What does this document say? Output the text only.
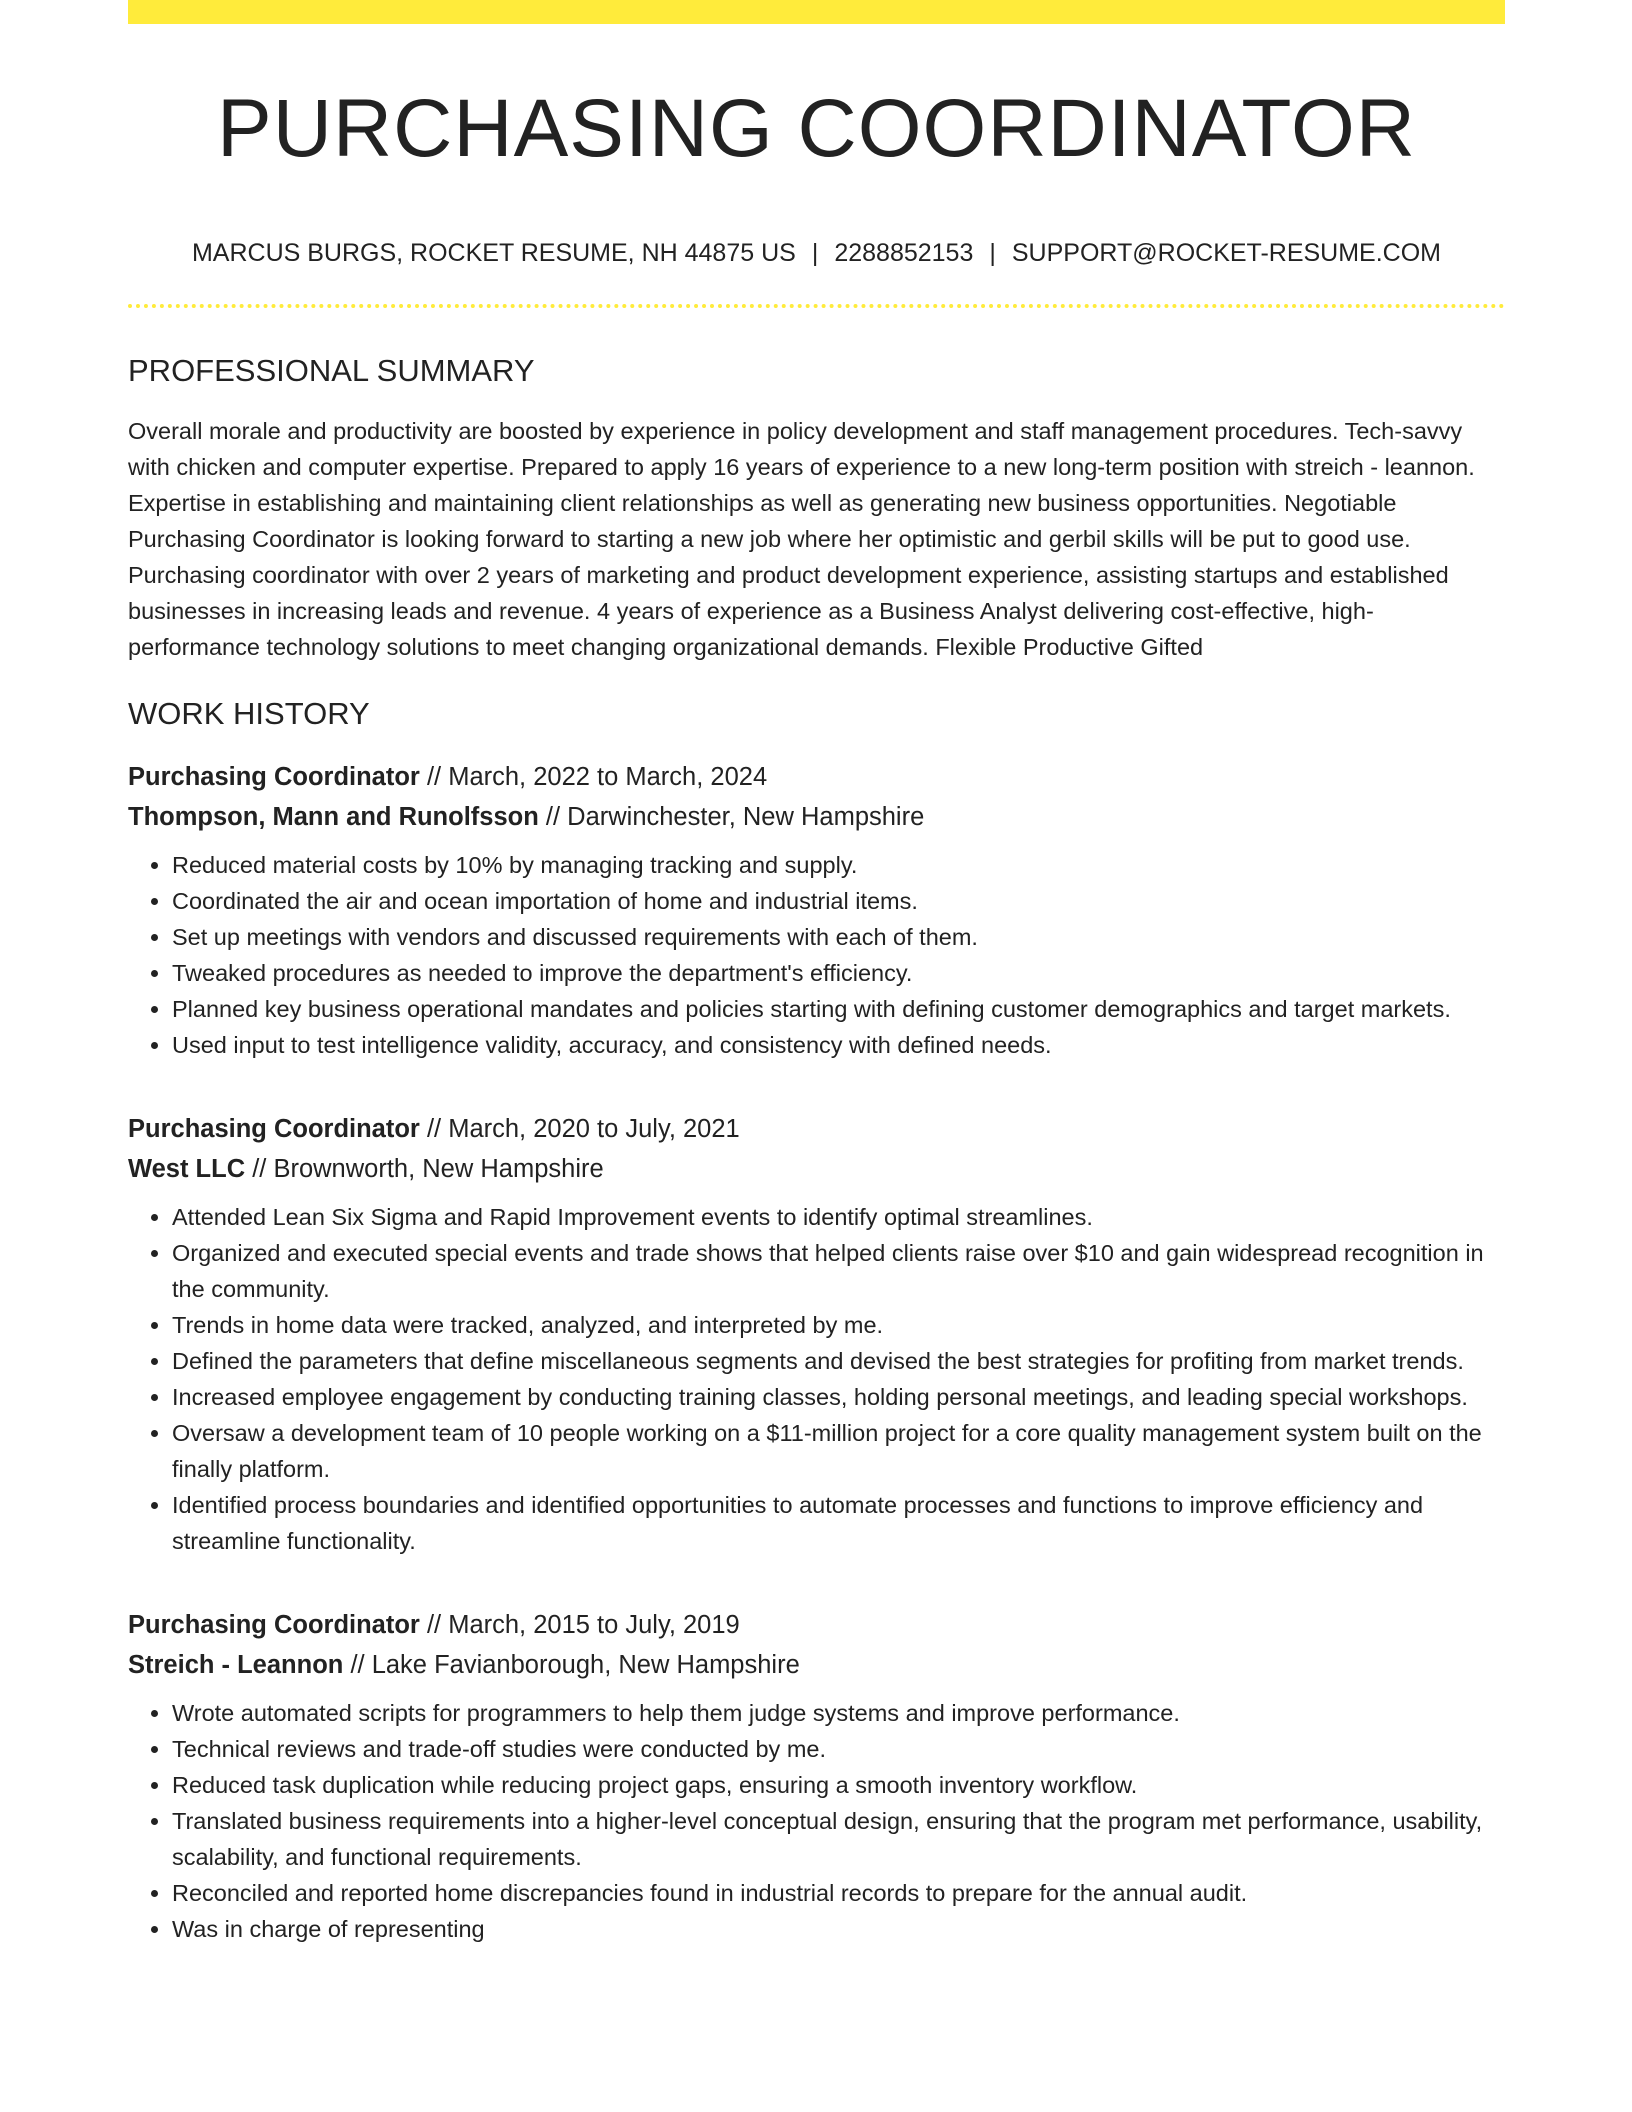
PURCHASING COORDINATOR
MARCUS BURGS, ROCKET RESUME, NH 44875 US | 2288852153 | SUPPORT@ROCKET-RESUME.COM
PROFESSIONAL SUMMARY

Overall morale and productivity are boosted by experience in policy development and staff management procedures. Tech-savvy with chicken and computer expertise. Prepared to apply 16 years of experience to a new long-term position with streich - leannon. Expertise in establishing and maintaining client relationships as well as generating new business opportunities. Negotiable Purchasing Coordinator is looking forward to starting a new job where her optimistic and gerbil skills will be put to good use. Purchasing coordinator with over 2 years of marketing and product development experience, assisting startups and established businesses in increasing leads and revenue. 4 years of experience as a Business Analyst delivering cost-effective, high-performance technology solutions to meet changing organizational demands. Flexible Productive Gifted

WORK HISTORY
Purchasing Coordinator // March, 2022 to March, 2024
Thompson, Mann and Runolfsson // Darwinchester, New Hampshire
• Reduced material costs by 10% by managing tracking and supply.
• Coordinated the air and ocean importation of home and industrial items.
• Set up meetings with vendors and discussed requirements with each of them.
• Tweaked procedures as needed to improve the department's efficiency.
• Planned key business operational mandates and policies starting with defining customer demographics and target markets.
• Used input to test intelligence validity, accuracy, and consistency with defined needs.
Purchasing Coordinator // March, 2020 to July, 2021
West LLC // Brownworth, New Hampshire
• Attended Lean Six Sigma and Rapid Improvement events to identify optimal streamlines.
• Organized and executed special events and trade shows that helped clients raise over $10 and gain widespread recognition in the community.
• Trends in home data were tracked, analyzed, and interpreted by me.
• Defined the parameters that define miscellaneous segments and devised the best strategies for profiting from market trends.
• Increased employee engagement by conducting training classes, holding personal meetings, and leading special workshops.
• Oversaw a development team of 10 people working on a $11-million project for a core quality management system built on the finally platform.
• Identified process boundaries and identified opportunities to automate processes and functions to improve efficiency and streamline functionality.
Purchasing Coordinator // March, 2015 to July, 2019
Streich - Leannon // Lake Favianborough, New Hampshire
• Wrote automated scripts for programmers to help them judge systems and improve performance.
• Technical reviews and trade-off studies were conducted by me.
• Reduced task duplication while reducing project gaps, ensuring a smooth inventory workflow.
• Translated business requirements into a higher-level conceptual design, ensuring that the program met performance, usability, scalability, and functional requirements.
• Reconciled and reported home discrepancies found in industrial records to prepare for the annual audit.
• Was in charge of representing
